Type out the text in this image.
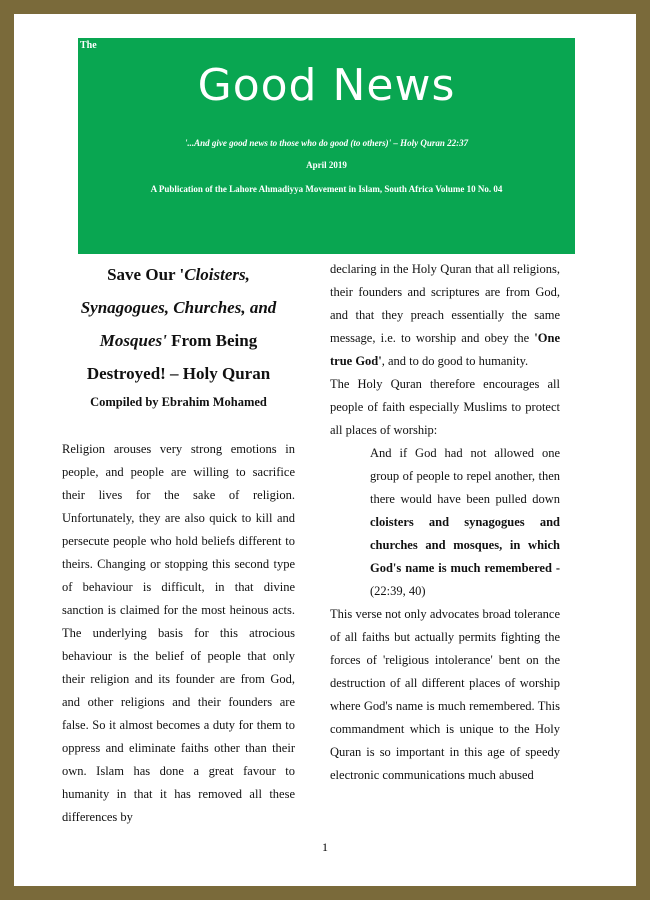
The
Good News
'...And give good news to those who do good (to others)' – Holy Quran 22:37
April 2019
A Publication of the Lahore Ahmadiyya Movement in Islam, South Africa Volume 10 No. 04
Save Our 'Cloisters, Synagogues, Churches, and Mosques' From Being Destroyed! – Holy Quran
Compiled by Ebrahim Mohamed

Religion arouses very strong emotions in people, and people are willing to sacrifice their lives for the sake of religion. Unfortunately, they are also quick to kill and persecute people who hold beliefs different to theirs. Changing or stopping this second type of behaviour is difficult, in that divine sanction is claimed for the most heinous acts. The underlying basis for this atrocious behaviour is the belief of people that only their religion and its founder are from God, and other religions and their founders are false. So it almost becomes a duty for them to oppress and eliminate faiths other than their own. Islam has done a great favour to humanity in that it has removed all these differences by

declaring in the Holy Quran that all religions, their founders and scriptures are from God, and that they preach essentially the same message, i.e. to worship and obey the 'One true God', and to do good to humanity.

The Holy Quran therefore encourages all people of faith especially Muslims to protect all places of worship:

And if God had not allowed one group of people to repel another, then there would have been pulled down cloisters and synagogues and churches and mosques, in which God's name is much remembered - (22:39, 40)

This verse not only advocates broad tolerance of all faiths but actually permits fighting the forces of 'religious intolerance' bent on the destruction of all different places of worship where God's name is much remembered. This commandment which is unique to the Holy Quran is so important in this age of speedy electronic communications much abused

1
